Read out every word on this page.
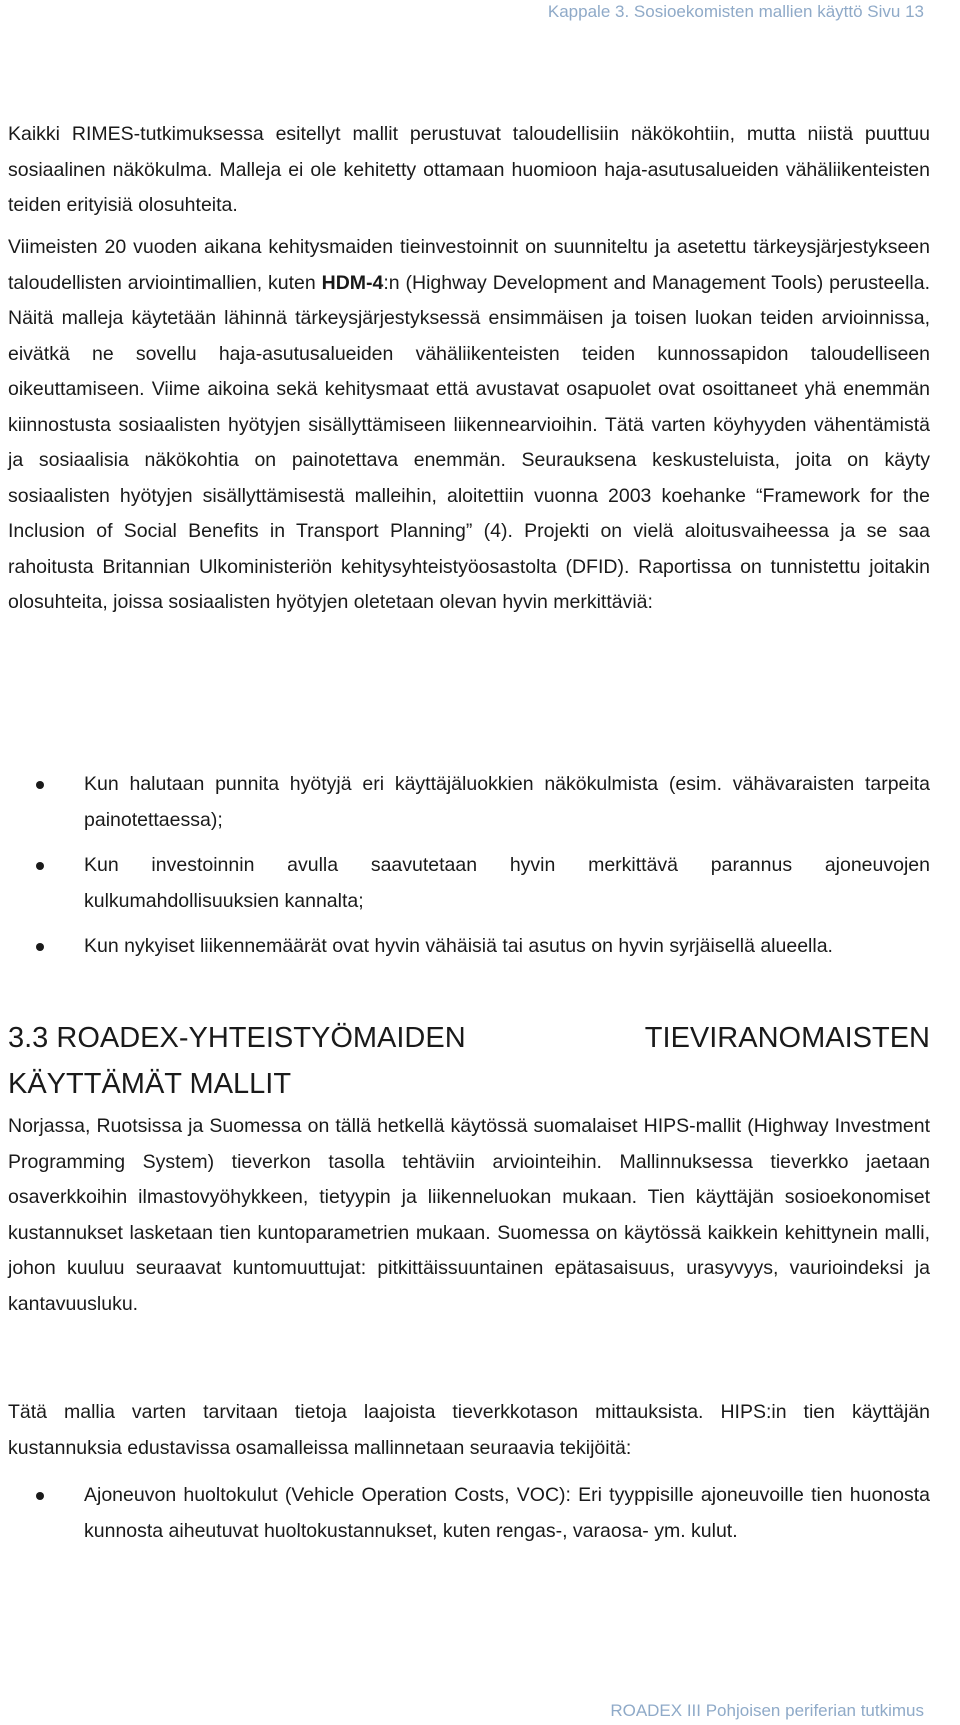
Kappale 3. Sosioekomisten mallien käyttö Sivu 13

Kaikki RIMES-tutkimuksessa esitellyt mallit perustuvat taloudellisiin näkökohtiin, mutta niistä puuttuu sosiaalinen näkökulma. Malleja ei ole kehitetty ottamaan huomioon haja-asutusalueiden vähäliikenteisten teiden erityisiä olosuhteita.

Viimeisten 20 vuoden aikana kehitysmaiden tieinvestoinnit on suunniteltu ja asetettu tärkeysjärjestykseen taloudellisten arviointimallien, kuten HDM-4:n (Highway Development and Management Tools) perusteella. Näitä malleja käytetään lähinnä tärkeysjärjestyksessä ensimmäisen ja toisen luokan teiden arvioinnissa, eivätkä ne sovellu haja-asutusalueiden vähäliikenteisten teiden kunnossapidon taloudelliseen oikeuttamiseen. Viime aikoina sekä kehitysmaat että avustavat osapuolet ovat osoittaneet yhä enemmän kiinnostusta sosiaalisten hyötyjen sisällyttämiseen liikennearvioihin. Tätä varten köyhyyden vähentämistä ja sosiaalisia näkökohtia on painotettava enemmän. Seurauksena keskusteluista, joita on käyty sosiaalisten hyötyjen sisällyttämisestä malleihin, aloitettiin vuonna 2003 koehanke “Framework for the Inclusion of Social Benefits in Transport Planning” (4). Projekti on vielä aloitusvaiheessa ja se saa rahoitusta Britannian Ulkoministeriön kehitysyhteistyöosastolta (DFID). Raportissa on tunnistettu joitakin olosuhteita, joissa sosiaalisten hyötyjen oletetaan olevan hyvin merkittäviä:

Kun halutaan punnita hyötyjä eri käyttäjäluokkien näkökulmista (esim. vähävaraisten tarpeita painotettaessa);
Kun investoinnin avulla saavutetaan hyvin merkittävä parannus ajoneuvojen kulkumahdollisuuksien kannalta;
Kun nykyiset liikennemäärät ovat hyvin vähäisiä tai asutus on hyvin syrjäisellä alueella.
3.3 ROADEX-YHTEISTYÖMAIDEN	TIEVIRANOMAISTEN
KÄYTTÄMÄT MALLIT

Norjassa, Ruotsissa ja Suomessa on tällä hetkellä käytössä suomalaiset HIPS-mallit (Highway Investment Programming System) tieverkon tasolla tehtäviin arviointeihin. Mallinnuksessa tieverkko jaetaan osaverkkoihin ilmastovyöhykkeen, tietyypin ja liikenneluokan mukaan. Tien käyttäjän sosioekonomiset kustannukset lasketaan tien kuntoparametrien mukaan. Suomessa on käytössä kaikkein kehittynein malli, johon kuuluu seuraavat kuntomuuttujat: pitkittäissuuntainen epätasaisuus, urasyvyys, vaurioindeksi ja kantavuusluku.

Tätä mallia varten tarvitaan tietoja laajoista tieverkkotason mittauksista. HIPS:in tien käyttäjän kustannuksia edustavissa osamalleissa mallinnetaan seuraavia tekijöitä:

Ajoneuvon huoltokulut (Vehicle Operation Costs, VOC): Eri tyyppisille ajoneuvoille tien huonosta kunnosta aiheutuvat huoltokustannukset, kuten rengas-, varaosa- ym. kulut.
ROADEX III Pohjoisen periferian tutkimus
